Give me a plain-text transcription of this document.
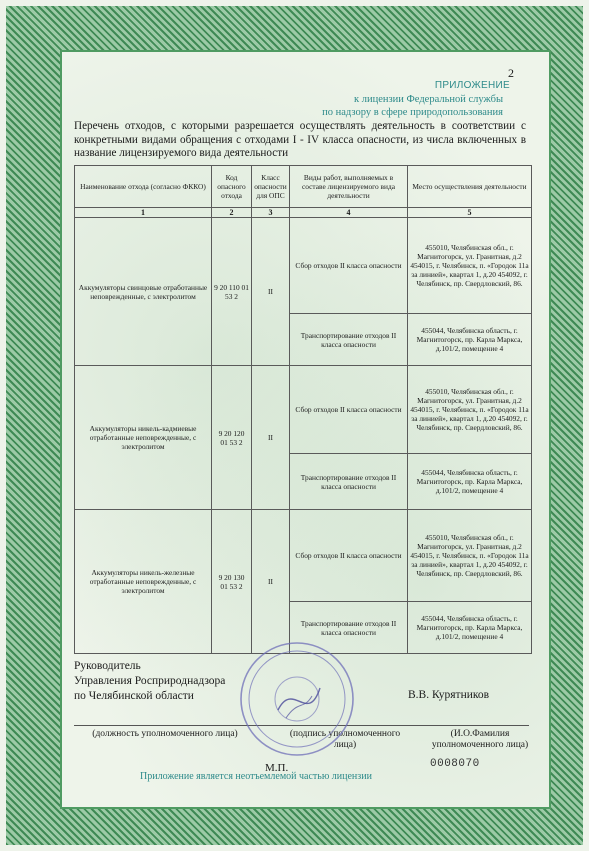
2
ПРИЛОЖЕНИЕ
к лицензии Федеральной службы
по надзору в сфере природопользования
Перечень отходов, с которыми разрешается осуществлять деятельность в соответствии с конкретными видами обращения с отходами I - IV класса опасности, из числа включенных в название лицензируемого вида деятельности
Наименование отхода (согласно ФККО)	Код опасного отхода	Класс опасности для ОПС	Виды работ, выполняемых в составе лицензируемого вида деятельности	Место осуществления деятельности
1	2	3	4	5
Аккумуляторы свинцовые отработанные неповрежденные, с электролитом	9 20 110 01 53 2	II	Сбор отходов II класса опасности	455010, Челябинская обл., г. Магнитогорск, ул. Гранитная, д.2 454015, г. Челябинск, п. «Городок 11а за линией», квартал 1, д.20 454092, г. Челябинск, пр. Свердловский, 86.
			Транспортирование отходов II класса опасности	455044, Челябинска область, г. Магнитогорск, пр. Карла Маркса, д.101/2, помещение 4
Аккумуляторы никель-кадмиевые отработанные неповрежденные, с электролитом	9 20 120 01 53 2	II	Сбор отходов II класса опасности	455010, Челябинская обл., г. Магнитогорск, ул. Гранитная, д.2 454015, г. Челябинск, п. «Городок 11а за линией», квартал 1, д.20 454092, г. Челябинск, пр. Свердловский, 86.
			Транспортирование отходов II класса опасности	455044, Челябинска область, г. Магнитогорск, пр. Карла Маркса, д.101/2, помещение 4
Аккумуляторы никель-железные отработанные неповрежденные, с электролитом	9 20 130 01 53 2	II	Сбор отходов II класса опасности	455010, Челябинская обл., г. Магнитогорск, ул. Гранитная, д.2 454015, г. Челябинск, п. «Городок 11а за линией», квартал 1, д.20 454092, г. Челябинск, пр. Свердловский, 86.
			Транспортирование отходов II класса опасности	455044, Челябинска область, г. Магнитогорск, пр. Карла Маркса, д.101/2, помещение 4
Руководитель
Управления Росприроднадзора
по Челябинской области	В.В. Курятников
(должность уполномоченного лица)	(подпись уполномоченного лица)
(И.О.Фамилия уполномоченного лица)
М.П.	0008070
Приложение является неотъемлемой частью лицензии
